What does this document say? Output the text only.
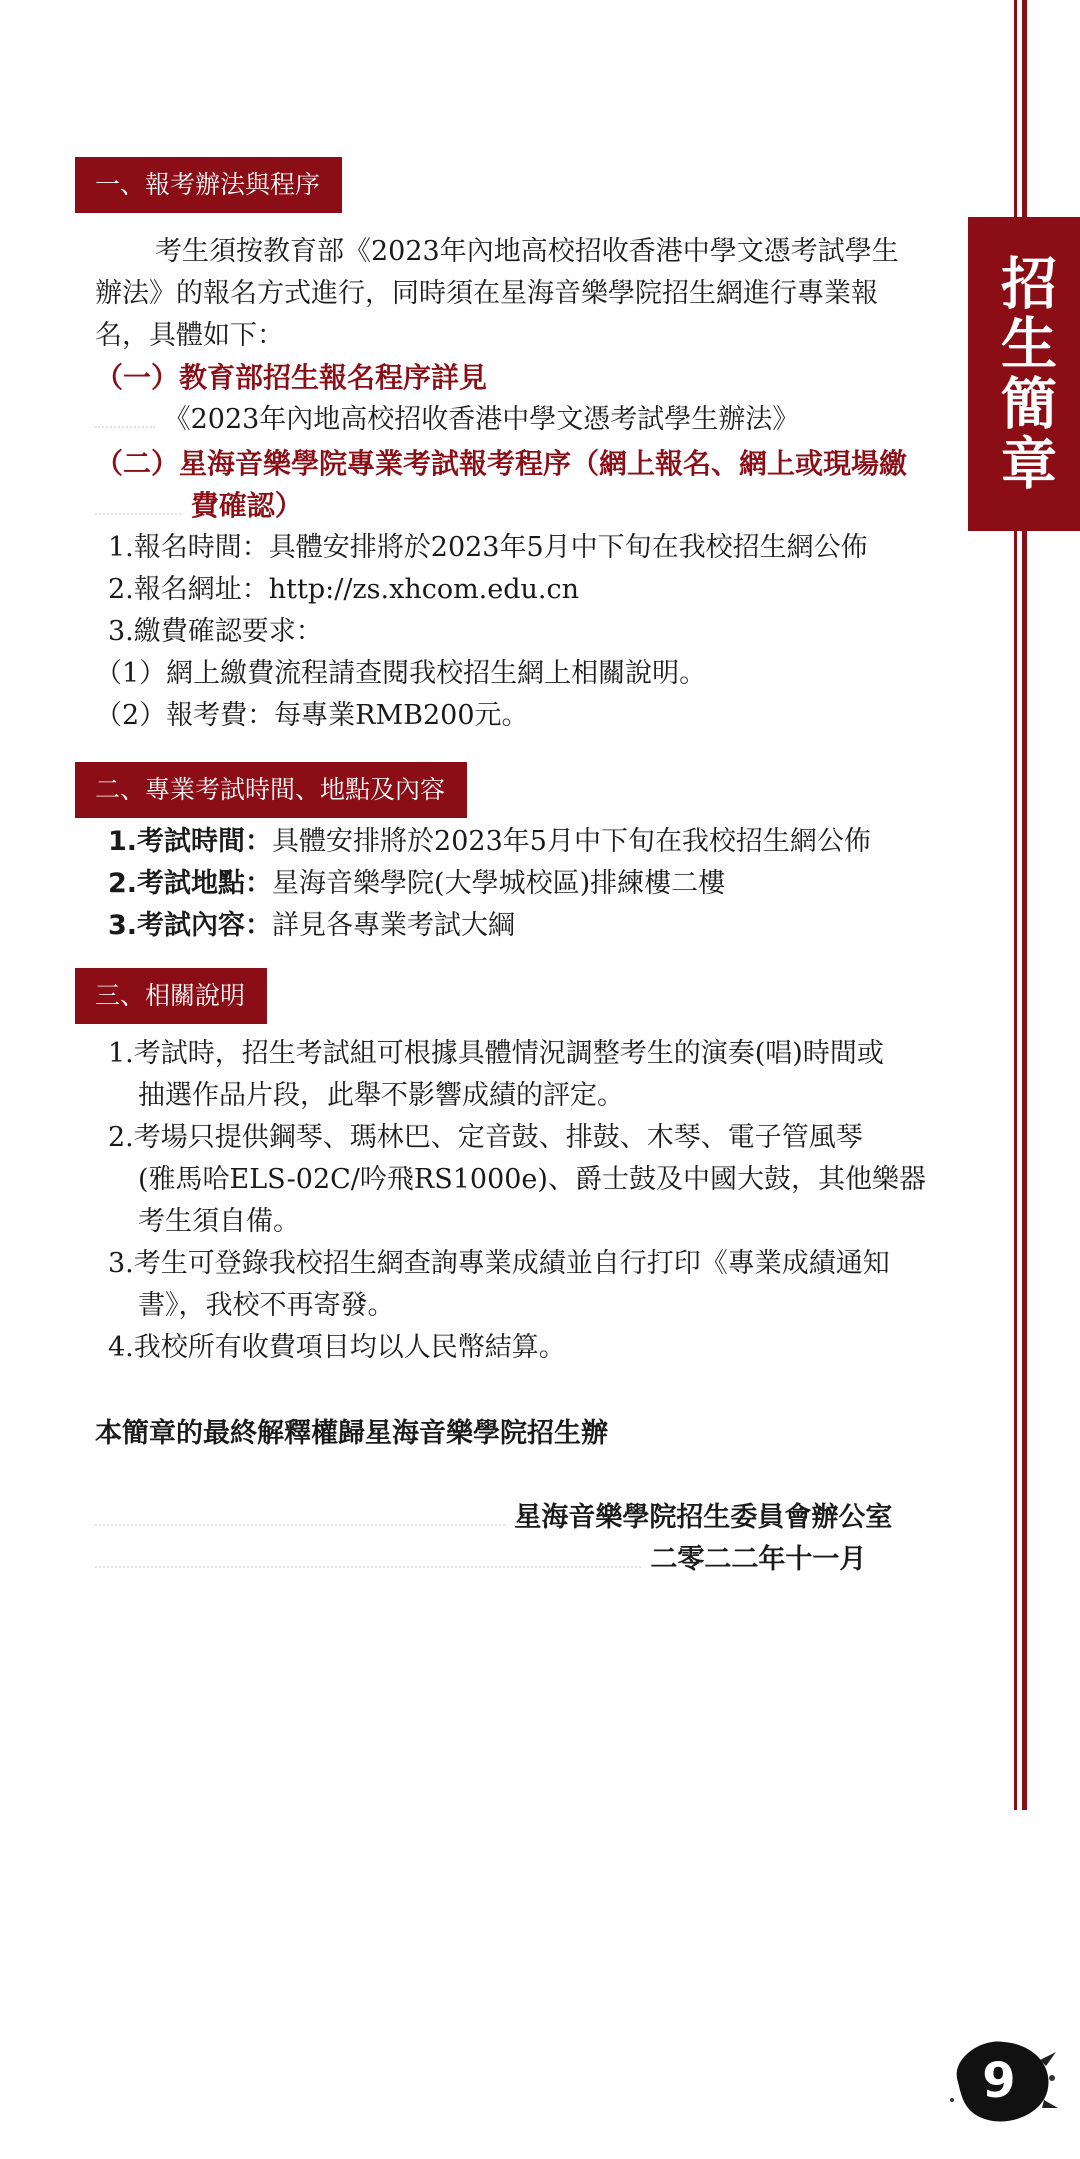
招生簡章
一、報考辦法與程序
考生須按教育部《2023年內地高校招收香港中學文憑考試學生
辦法》的報名方式進行，同時須在星海音樂學院招生網進行專業報
名，具體如下：
（一）教育部招生報名程序詳見
《2023年內地高校招收香港中學文憑考試學生辦法》
（二）星海音樂學院專業考試報考程序（網上報名、網上或現場繳
費確認）
1.報名時間：具體安排將於2023年5月中下旬在我校招生網公佈
2.報名網址：http://zs.xhcom.edu.cn
3.繳費確認要求：
（1）網上繳費流程請查閱我校招生網上相關說明。
（2）報考費：每專業RMB200元。
二、專業考試時間、地點及內容
1.考試時間：具體安排將於2023年5月中下旬在我校招生網公佈
2.考試地點：星海音樂學院(大學城校區)排練樓二樓
3.考試內容：詳見各專業考試大綱
三、相關說明
1.考試時，招生考試組可根據具體情況調整考生的演奏(唱)時間或
抽選作品片段，此舉不影響成績的評定。
2.考場只提供鋼琴、瑪林巴、定音鼓、排鼓、木琴、電子管風琴
(雅馬哈ELS-02C/吟飛RS1000e)、爵士鼓及中國大鼓，其他樂器
考生須自備。
3.考生可登錄我校招生網查詢專業成績並自行打印《專業成績通知
書》，我校不再寄發。
4.我校所有收費項目均以人民幣結算。
本簡章的最終解釋權歸星海音樂學院招生辦
星海音樂學院招生委員會辦公室
二零二二年十一月
9
